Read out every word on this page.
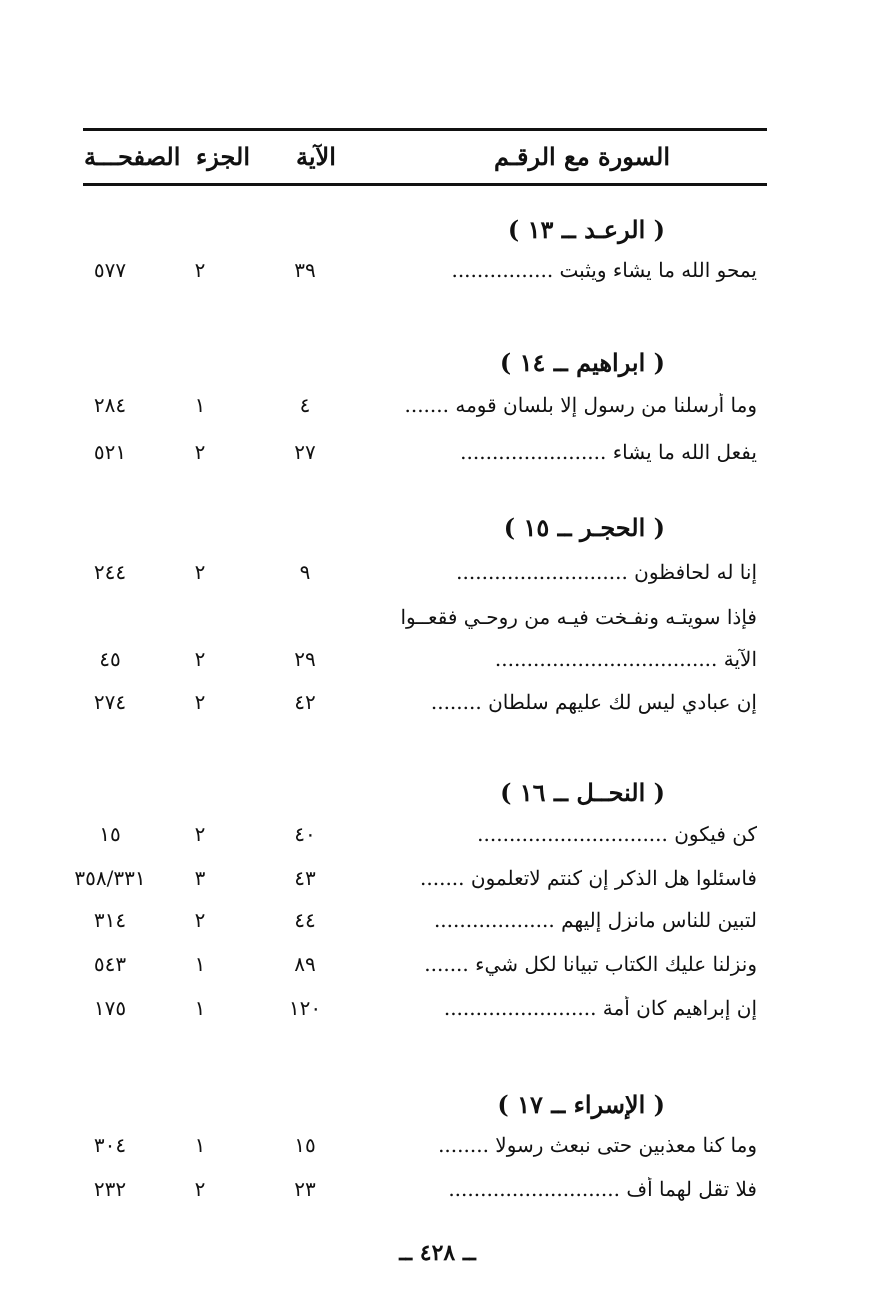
السورة مع الرقـم
الآية
الجزء
الصفحـــة
( الرعـد ــ ١٣ )
يمحو الله ما يشاء ويثبت ................
٣٩
٢
٥٧٧
( ابراهيم ــ ١٤ )
وما أرسلنا من رسول إلا بلسان قومه .......
٤
١
٢٨٤
يفعل الله ما يشاء .......................
٢٧
٢
٥٢١
( الحجـر ــ ١٥ )
إنا له لحافظون ...........................
٩
٢
٢٤٤
فإذا سويتـه ونفـخت فيـه من روحـي فقعــوا
الآية ...................................
٢٩
٢
٤٥
إن عبادي ليس لك عليهم سلطان ........
٤٢
٢
٢٧٤
( النحــل ــ ١٦ )
كن فيكون ..............................
٤٠
٢
١٥
فاسئلوا هل الذكر إن كنتم لاتعلمون .......
٤٣
٣
٣٥٨/٣٣١
لتبين للناس مانزل إليهم ...................
٤٤
٢
٣١٤
ونزلنا عليك الكتاب تبيانا لكل شيء .......
٨٩
١
٥٤٣
إن إبراهيم كان أمة ........................
١٢٠
١
١٧٥
( الإسراء ــ ١٧ )
وما كنا معذبين حتى نبعث رسولا ........
١٥
١
٣٠٤
فلا تقل لهما أف ...........................
٢٣
٢
٢٣٢
ــ ٤٢٨ ــ
